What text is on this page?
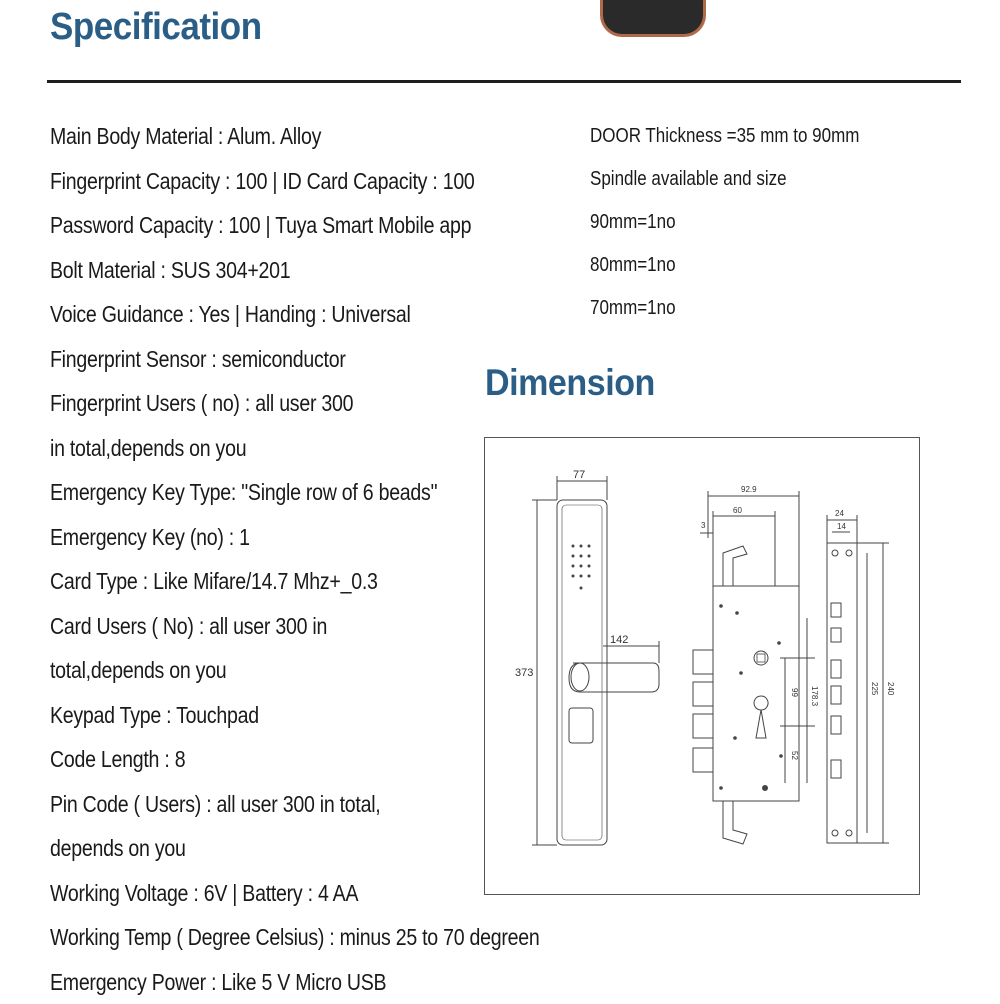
Specification
Main Body Material : Alum. Alloy
Fingerprint Capacity : 100 | ID Card Capacity : 100
Password Capacity : 100 | Tuya Smart Mobile app
Bolt Material : SUS 304+201
Voice Guidance : Yes | Handing : Universal
Fingerprint Sensor : semiconductor
Fingerprint Users ( no) : all user 300
in total,depends on you
Emergency Key Type: "Single row of 6 beads"
Emergency Key (no) : 1
Card Type : Like Mifare/14.7 Mhz+_0.3
Card Users ( No) : all user 300 in
total,depends on you
Keypad Type : Touchpad
Code Length : 8
Pin Code ( Users) : all user 300 in total,
depends on you
Working Voltage : 6V | Battery : 4 AA
Working Temp ( Degree Celsius) : minus 25 to 70 degreen
Emergency Power : Like 5 V Micro USB
DOOR Thickness =35 mm to 90mm
Spindle available and size
90mm=1no
80mm=1no
70mm=1no
Dimension
77
142
373
92.9
60
3
24
14
99 178.3
52
225 240
